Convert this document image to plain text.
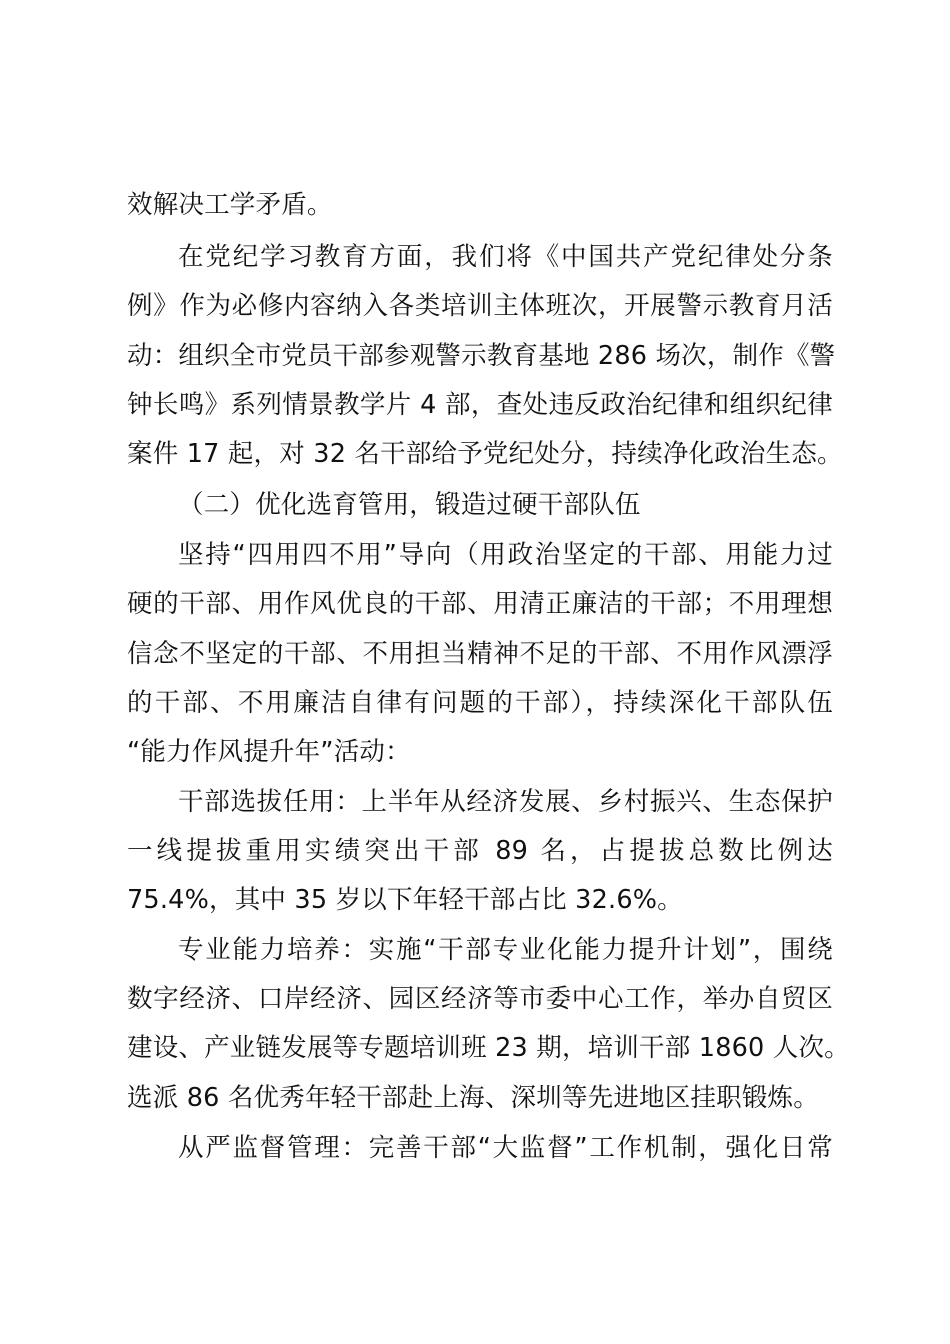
效解决工学矛盾。
在党纪学习教育方面，我们将《中国共产党纪律处分条
例》作为必修内容纳入各类培训主体班次，开展警示教育月活
动：组织全市党员干部参观警示教育基地 286 场次，制作《警
钟长鸣》系列情景教学片 4 部，查处违反政治纪律和组织纪律
案件 17 起，对 32 名干部给予党纪处分，持续净化政治生态。
（二）优化选育管用，锻造过硬干部队伍
坚持“四用四不用”导向（用政治坚定的干部、用能力过
硬的干部、用作风优良的干部、用清正廉洁的干部；不用理想
信念不坚定的干部、不用担当精神不足的干部、不用作风漂浮
的干部、不用廉洁自律有问题的干部），持续深化干部队伍
“能力作风提升年”活动：
干部选拔任用：上半年从经济发展、乡村振兴、生态保护
一线提拔重用实绩突出干部 89 名，占提拔总数比例达
75.4%，其中 35 岁以下年轻干部占比 32.6%。
专业能力培养：实施“干部专业化能力提升计划”，围绕
数字经济、口岸经济、园区经济等市委中心工作，举办自贸区
建设、产业链发展等专题培训班 23 期，培训干部 1860 人次。
选派 86 名优秀年轻干部赴上海、深圳等先进地区挂职锻炼。
从严监督管理：完善干部“大监督”工作机制，强化日常
